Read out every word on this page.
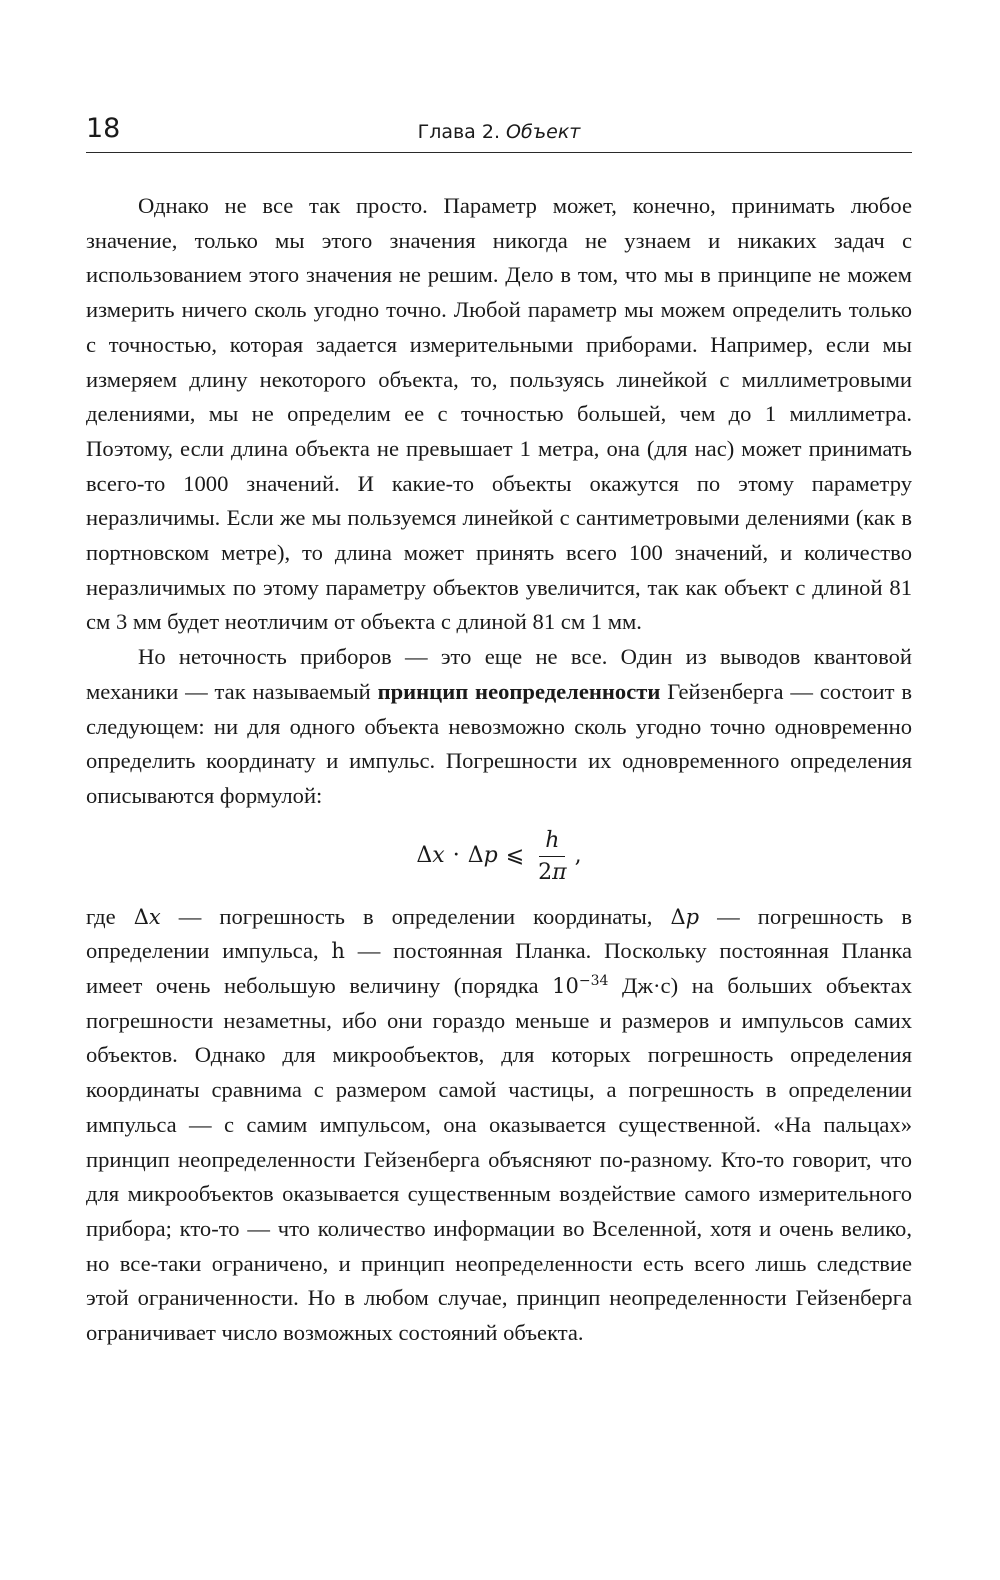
18	Глава 2. Объект

Однако не все так просто. Параметр может, конечно, принимать любое значение, только мы этого значения никогда не узнаем и никаких задач с использованием этого значения не решим. Дело в том, что мы в принципе не можем измерить ничего сколь угодно точно. Любой параметр мы можем определить только с точностью, которая задается измерительными приборами. Например, если мы измеряем длину некоторого объекта, то, пользуясь линейкой с миллиметровыми делениями, мы не определим ее с точностью большей, чем до 1 миллиметра. Поэтому, если длина объекта не превышает 1 метра, она (для нас) может принимать всего-то 1000 значений. И какие-то объекты окажутся по этому параметру неразличимы. Если же мы пользуемся линейкой с сантиметровыми делениями (как в портновском метре), то длина может принять всего 100 значений, и количество неразличимых по этому параметру объектов увеличится, так как объект с длиной 81 см 3 мм будет неотличим от объекта с длиной 81 см 1 мм.

Но неточность приборов — это еще не все. Один из выводов квантовой механики — так называемый принцип неопределенности Гейзенберга — состоит в следующем: ни для одного объекта невозможно сколь угодно точно одновременно определить координату и импульс. Погрешности их одновременного определения описываются формулой:

Δ x · Δ p ⩽ $\frac{h}{2\pi}$ ,

где Δx — погрешность в определении координаты, Δp — погрешность в определении импульса, h — постоянная Планка. Поскольку постоянная Планка имеет очень небольшую величину (порядка $10^{-34}$ Дж·с) на больших объектах погрешности незаметны, ибо они гораздо меньше и размеров и импульсов самих объектов. Однако для микрообъектов, для которых погрешность определения координаты сравнима с размером самой частицы, а погрешность в определении импульса — с самим импульсом, она оказывается существенной. «На пальцах» принцип неопределенности Гейзенберга объясняют по-разному. Кто-то говорит, что для микрообъектов оказывается существенным воздействие самого измерительного прибора; кто-то — что количество информации во Вселенной, хотя и очень велико, но все-таки ограничено, и принцип неопределенности есть всего лишь следствие этой ограниченности. Но в любом случае, принцип неопределенности Гейзенберга ограничивает число возможных состояний объекта.
